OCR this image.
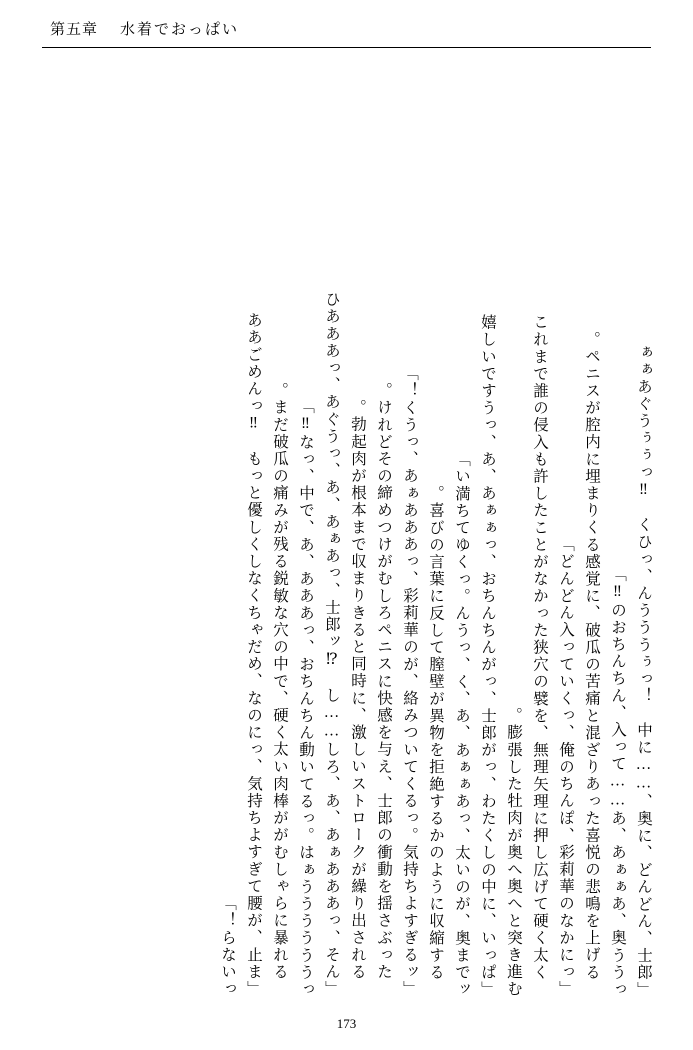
第五章 水着でおっぱい
「ぁぁあぐうぅぅっ‼　くひっ、んうううぅっ！　中に……、奥に、どんどん、士郎
のおちんちん、入って……あ、あぁぁあ、奥ううっ‼」
　ペニスが腔内に埋まりくる感覚に、破瓜の苦痛と混ざりあった喜悦の悲鳴を上げる。
「どんどん入っていくっ、俺のちんぽ、彩莉華のなかにっ」
　これまで誰の侵入も許したことがなかった狭穴の襞を、無理矢理に押し広げて硬く太く
膨張した牡肉が奥へ奥へと突き進む。
「嬉しいですうっ、あ、あぁぁっ、おちんちんがっ、士郎がっ、わたくしの中に、いっぱ
い満ちてゆくっ。んうっ、く、あ、あぁぁあっ、太いのが、奥までッ」
　喜びの言葉に反して膣壁が異物を拒絶するかのように収縮する。
「くうっ、あぁあああっ、彩莉華のが、絡みついてくるっ。気持ちよすぎるッ！」
　けれどその締めつけがむしろペニスに快感を与え、士郎の衝動を揺さぶった。
　勃起肉が根本まで収まりきると同時に、激しいストロークが繰り出される。
「ひあああっ、あぐうっ、あ、あぁあっ、士郎ッ⁉　し……しろ、あ、あぁあああっ、そん
なっ、中で、あ、あああっ、おちんちん動いてるっ。はぁううううううっ‼」
　まだ破瓜の痛みが残る鋭敏な穴の中で、硬く太い肉棒ががむしゃらに暴れる。
「ああごめんっ‼　もっと優しくしなくちゃだめ、なのにっ、気持ちよすぎて腰が、止ま
らないっ！」
173
